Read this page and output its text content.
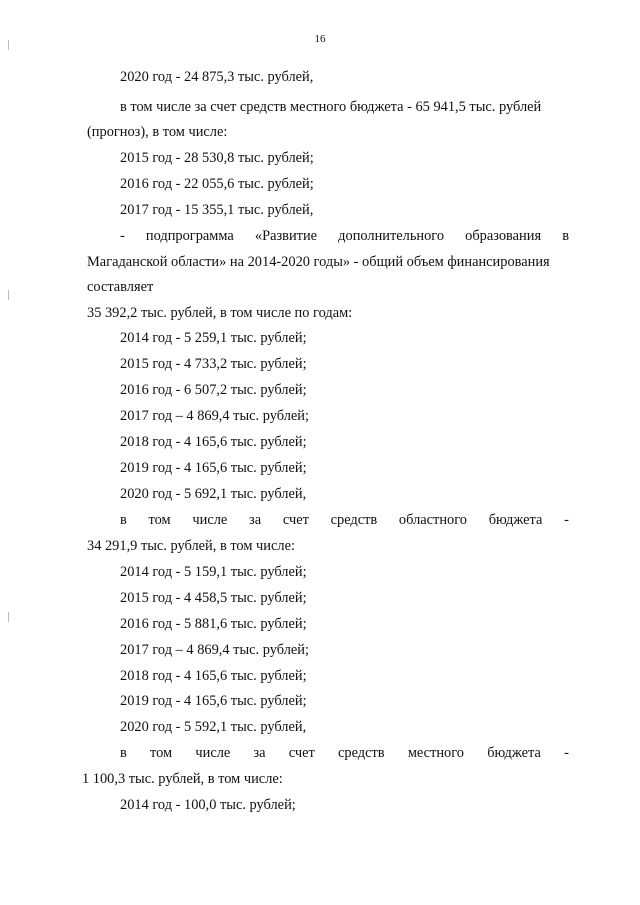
16
2020 год - 24 875,3 тыс. рублей,
в том числе за счет средств местного бюджета - 65 941,5 тыс. рублей
(прогноз), в том числе:
2015 год - 28 530,8 тыс. рублей;
2016 год - 22 055,6 тыс. рублей;
2017 год - 15 355,1 тыс. рублей,
- подпрограмма «Развитие дополнительного образования в
Магаданской области» на 2014-2020 годы» - общий объем финансирования
составляет
35 392,2 тыс. рублей, в том числе по годам:
2014 год - 5 259,1 тыс. рублей;
2015 год - 4 733,2 тыс. рублей;
2016 год - 6 507,2 тыс. рублей;
2017 год – 4 869,4 тыс. рублей;
2018 год - 4 165,6 тыс. рублей;
2019 год - 4 165,6 тыс. рублей;
2020 год - 5 692,1 тыс. рублей,
в том числе за счет средств областного бюджета -
34 291,9 тыс. рублей, в том числе:
2014 год - 5 159,1 тыс. рублей;
2015 год - 4 458,5 тыс. рублей;
2016 год - 5 881,6 тыс. рублей;
2017 год – 4 869,4 тыс. рублей;
2018 год - 4 165,6 тыс. рублей;
2019 год - 4 165,6 тыс. рублей;
2020 год - 5 592,1 тыс. рублей,
в том числе за счет средств местного бюджета -
1 100,3 тыс. рублей, в том числе:
2014 год - 100,0 тыс. рублей;
